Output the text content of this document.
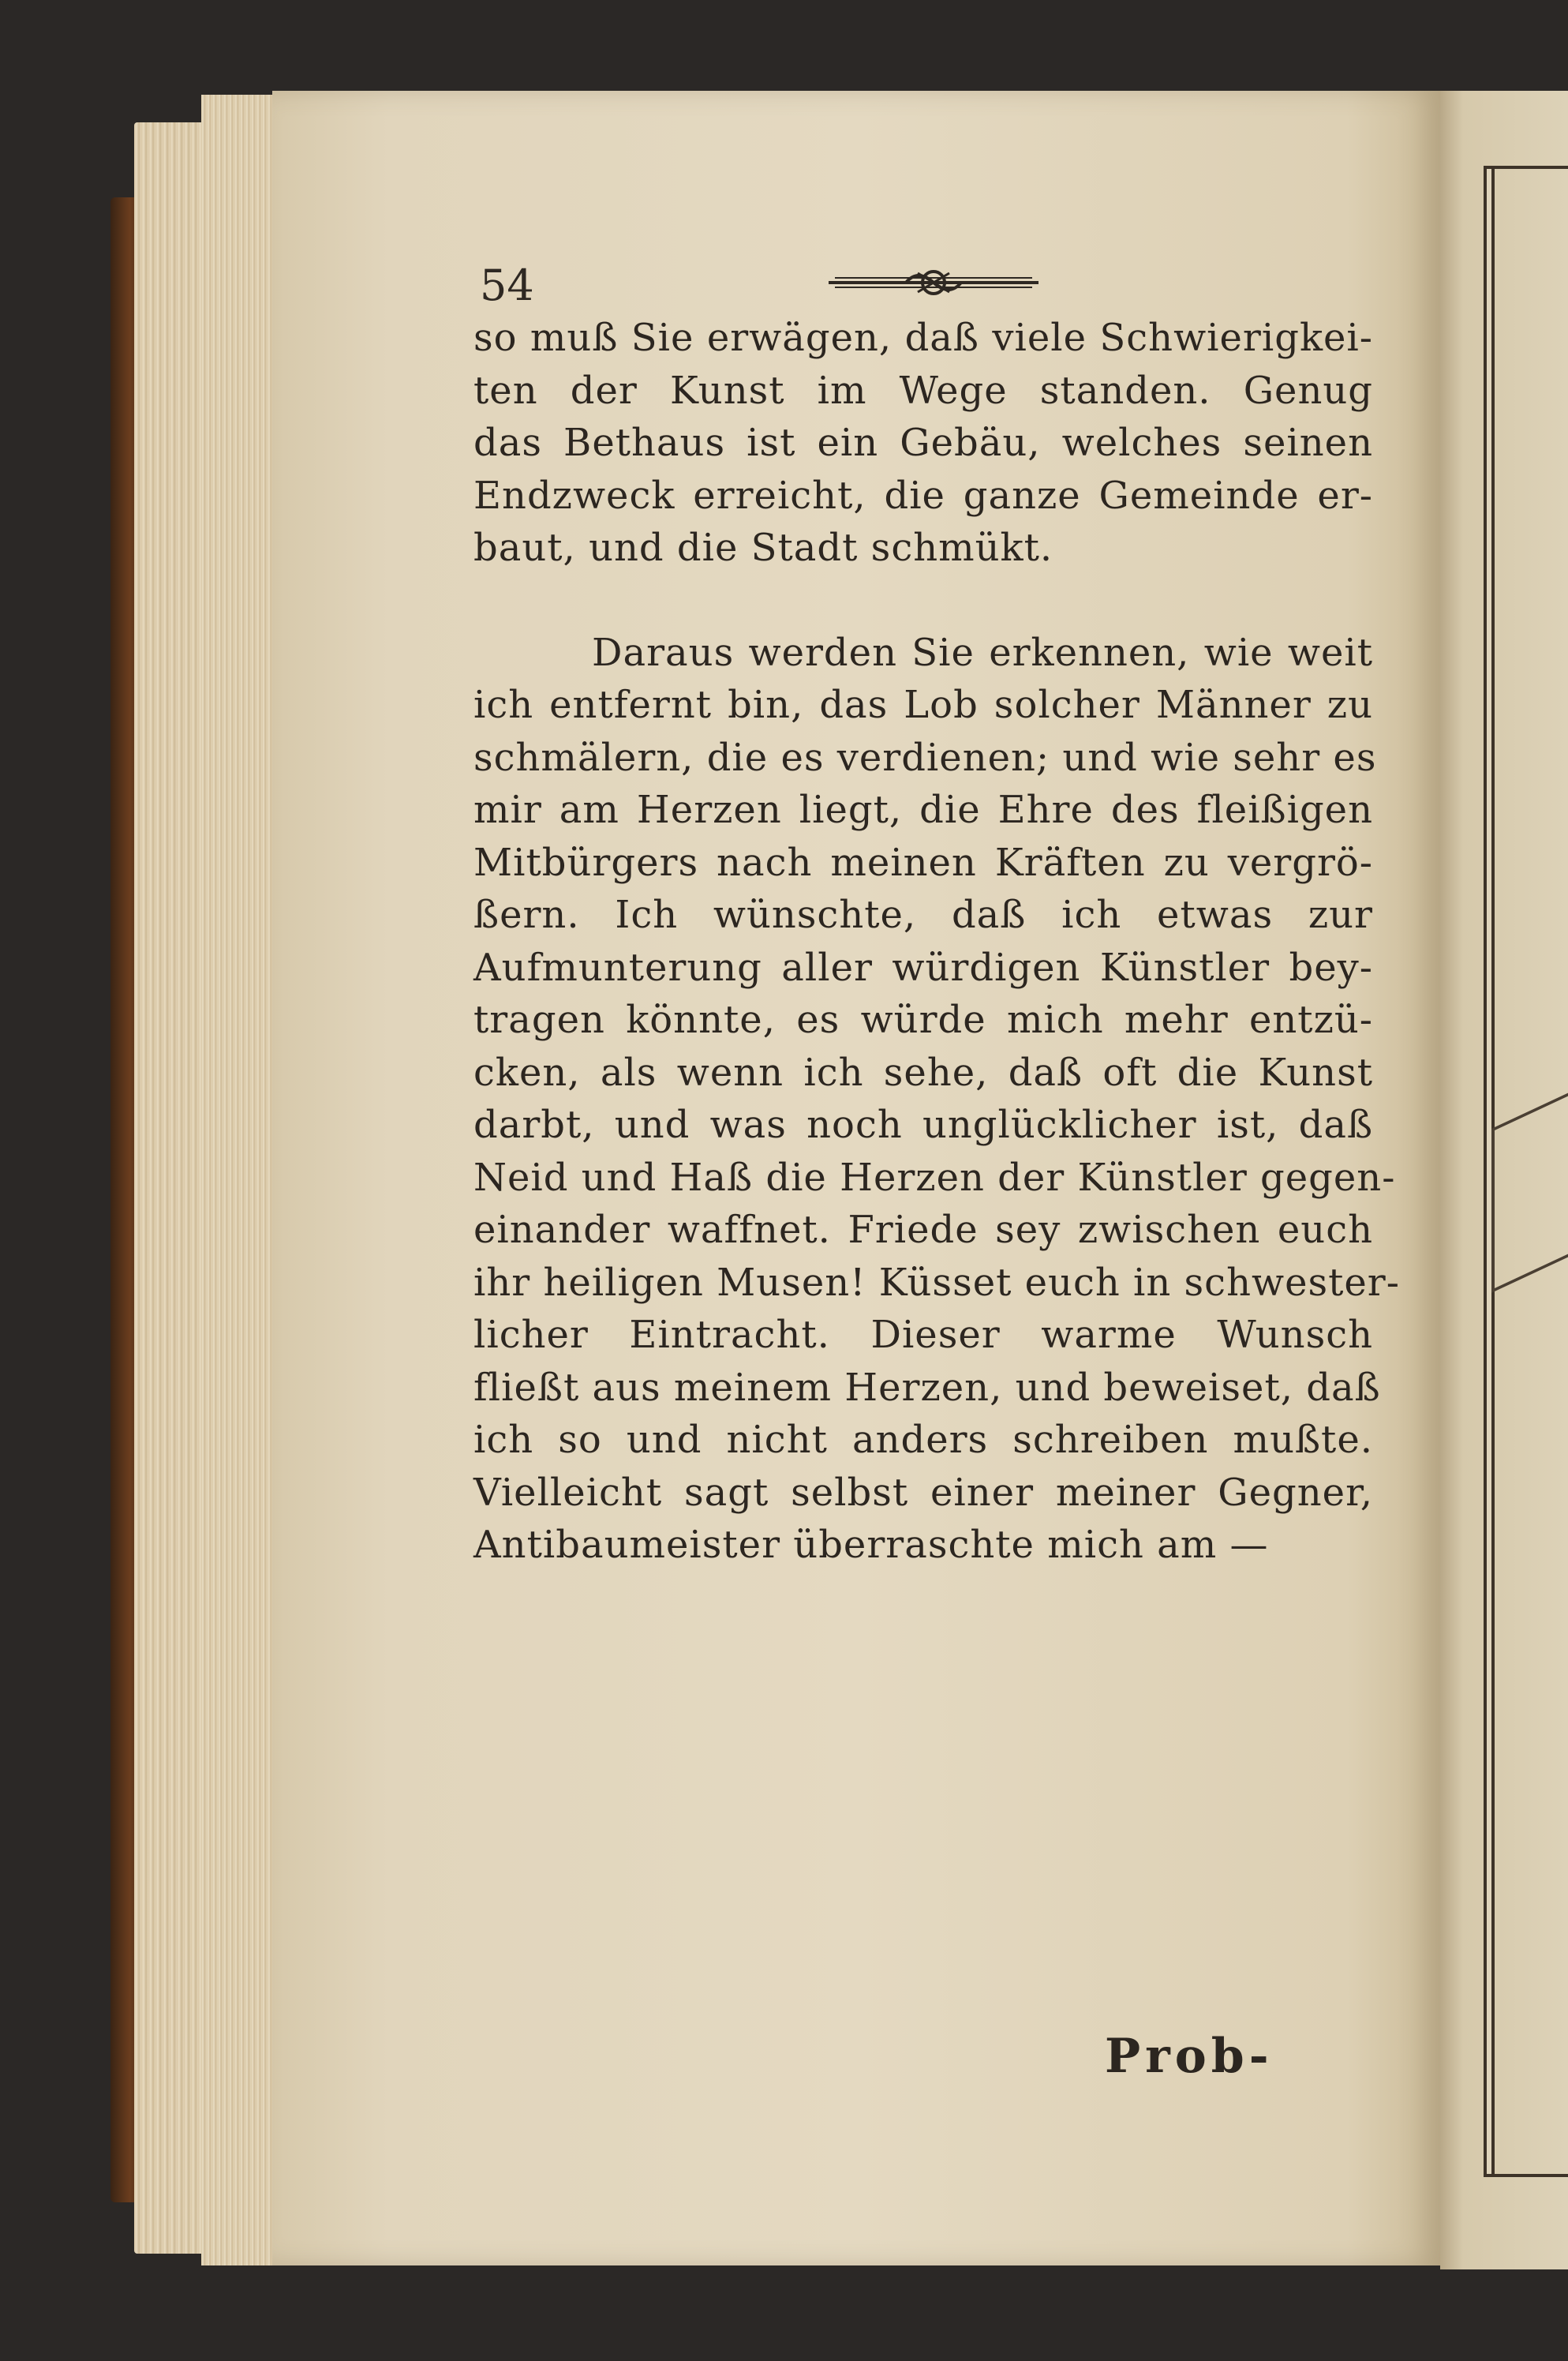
54

so muß Sie erwägen, daß viele Schwierigkei-
ten der Kunst im Wege standen. Genug
das Bethaus ist ein Gebäu, welches seinen
Endzweck erreicht, die ganze Gemeinde er-
baut, und die Stadt schmükt.

Daraus werden Sie erkennen, wie weit
ich entfernt bin, das Lob solcher Männer zu
schmälern, die es verdienen; und wie sehr es
mir am Herzen liegt, die Ehre des fleißigen
Mitbürgers nach meinen Kräften zu vergrö-
ßern. Ich wünschte, daß ich etwas zur
Aufmunterung aller würdigen Künstler bey-
tragen könnte, es würde mich mehr entzü-
cken, als wenn ich sehe, daß oft die Kunst
darbt, und was noch unglücklicher ist, daß
Neid und Haß die Herzen der Künstler gegen-
einander waffnet. Friede sey zwischen euch
ihr heiligen Musen! Küsset euch in schwester-
licher Eintracht. Dieser warme Wunsch
fließt aus meinem Herzen, und beweiset, daß
ich so und nicht anders schreiben mußte.
Vielleicht sagt selbst einer meiner Gegner,
Antibaumeister überraschte mich am —

Prob-
